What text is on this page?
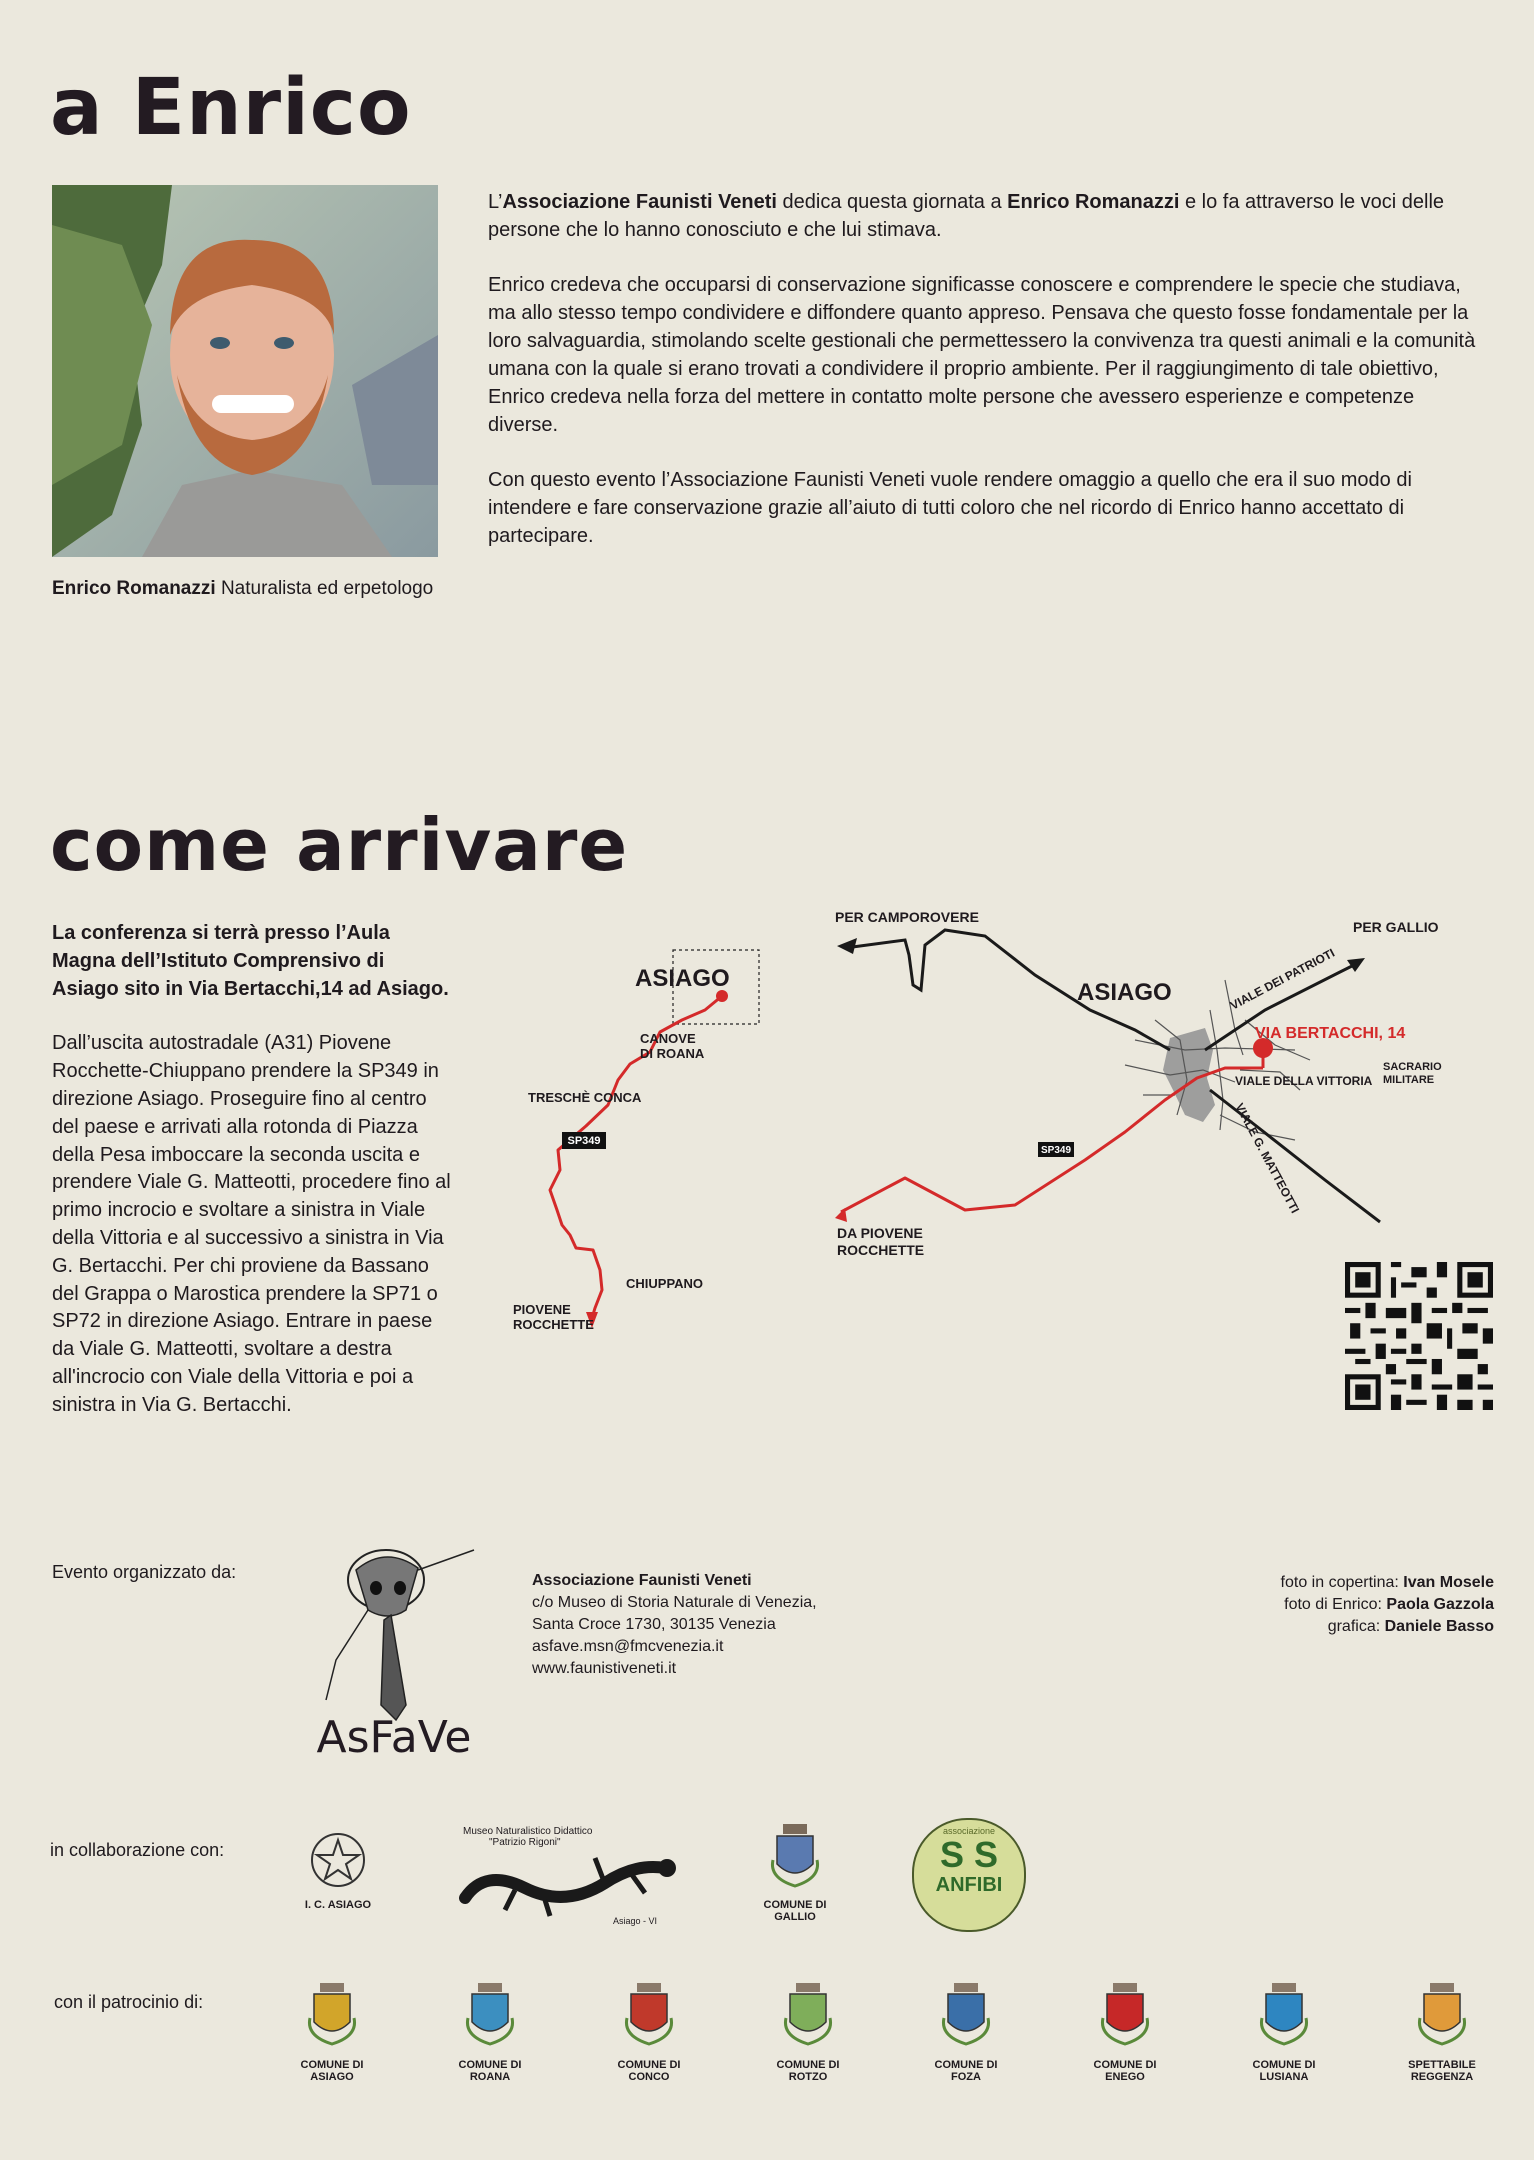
a Enrico
come arrivare
Enrico Romanazzi Naturalista ed erpetologo

L’Associazione Faunisti Veneti dedica questa giornata a Enrico Romanazzi e lo fa attraverso le voci delle persone che lo hanno conosciuto e che lui stimava.

Enrico credeva che occuparsi di conservazione significasse conoscere e comprendere le specie che studiava, ma allo stesso tempo condividere e diffondere quanto appreso. Pensava che questo fosse fondamentale per la loro salvaguardia, stimolando scelte gestionali che permettessero la convivenza tra questi animali e la comunità umana con la quale si erano trovati a condividere il proprio ambiente. Per il raggiungimento di tale obiettivo, Enrico credeva nella forza del mettere in contatto molte persone che avessero esperienze e competenze diverse.

Con questo evento l’Associazione Faunisti Veneti vuole rendere omaggio a quello che era il suo modo di intendere e fare conservazione grazie all’aiuto di tutti coloro che nel ricordo di Enrico hanno accettato di partecipare.

La conferenza si terrà presso l’Aula Magna dell’Istituto Comprensivo di Asiago sito in Via Bertacchi,14 ad Asiago.

Dall’uscita autostradale (A31) Piovene Rocchette-Chiuppano prendere la SP349 in direzione Asiago. Proseguire fino al centro del paese e arrivati alla rotonda di Piazza della Pesa imboccare la seconda uscita e prendere Viale G. Matteotti, procedere fino al primo incrocio e svoltare a sinistra in Viale della Vittoria e al successivo a sinistra in Via G. Bertacchi. Per chi proviene da Bassano del Grappa o Marostica prendere la SP71 o SP72 in direzione Asiago. Entrare in paese da Viale G. Matteotti, svoltare a destra all'incrocio con Viale della Vittoria e poi a sinistra in Via G. Bertacchi.

ASIAGO
CANOVE
DI ROANA
TRESCHÈ CONCA
SP349
CHIUPPANO
PIOVENE
ROCCHETTE
PER CAMPOROVERE
PER GALLIO
ASIAGO	VIALE DEI PATRIOTI
VIA BERTACCHI, 14
SACRARIO
MILITARE
VIALE DELLA VITTORIA
VIALE G. MATTEOTTI
SP349
DA PIOVENE
ROCCHETTE
Evento organizzato da:
AsFaVe
Associazione Faunisti Veneti
c/o Museo di Storia Naturale di Venezia,
Santa Croce 1730, 30135 Venezia
asfave.msn@fmcvenezia.it
www.faunistiveneti.it
foto in copertina: Ivan Mosele
foto di Enrico: Paola Gazzola
grafica: Daniele Basso
in collaborazione con:
I. C. ASIAGO
Museo Naturalistico Didattico
"Patrizio Rigoni"
Asiago - VI
COMUNE DI
GALLIO
associazione
S S
ANFIBI
con il patrocinio di:
COMUNE DI
ASIAGO
COMUNE DI
ROANA
COMUNE DI
CONCO
COMUNE DI
ROTZO
COMUNE DI
FOZA
COMUNE DI
ENEGO
COMUNE DI
LUSIANA
SPETTABILE
REGGENZA
